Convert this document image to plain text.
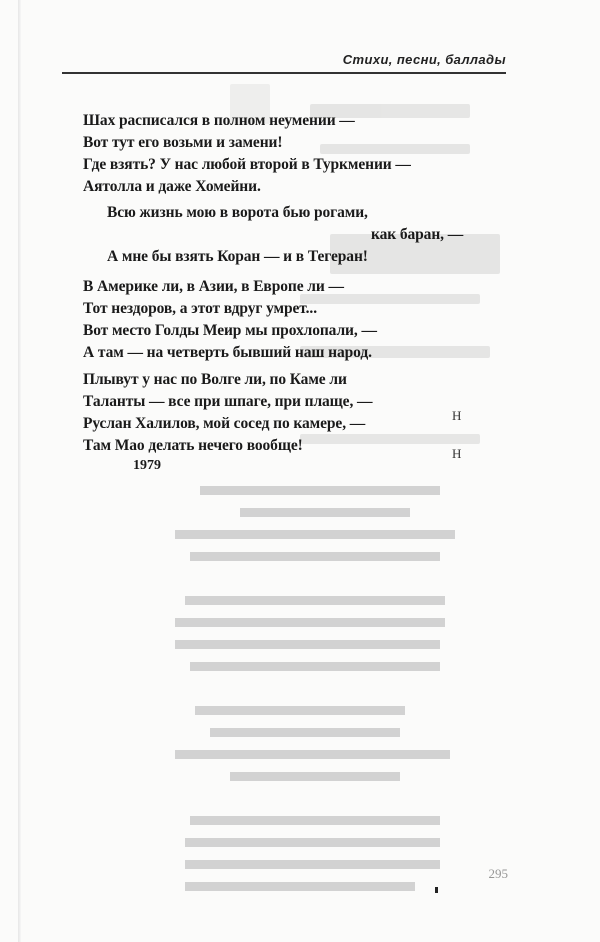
Стихи, песни, баллады
Шах расписался в полном неумении —
Вот тут его возьми и замени!
Где взять? У нас любой второй в Туркмении —
Аятолла и даже Хомейни.
Всю жизнь мою в ворота бью рогами,
как баран, —
А мне бы взять Коран — и в Тегеран!
В Америке ли, в Азии, в Европе ли —
Тот нездоров, а этот вдруг умрет...
Вот место Голды Меир мы прохлопали, —
А там — на четверть бывший наш народ.
Плывут у нас по Волге ли, по Каме ли
Таланты — все при шпаге, при плаще, —
Руслан Халилов, мой сосед по камере, —
Там Мао делать нечего вообще!
Н
Н
1979
295
